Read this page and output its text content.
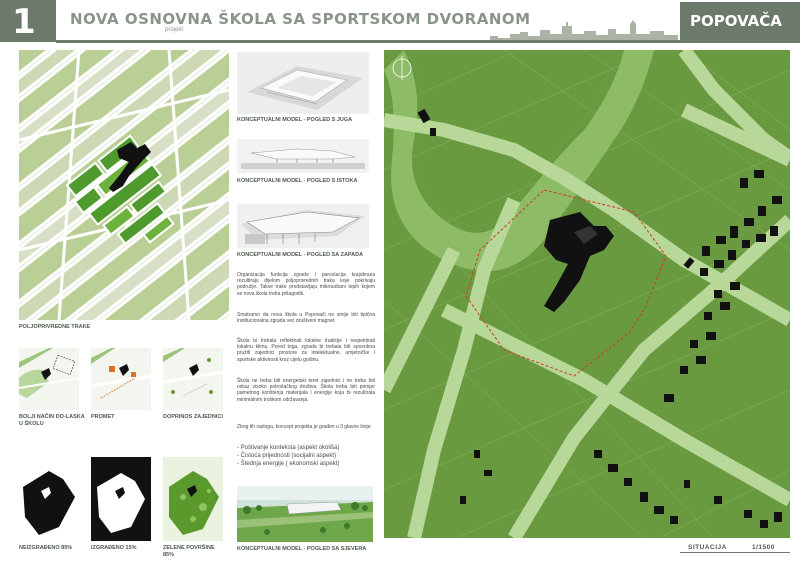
1 NOVA OSNOVNA ŠKOLA SA SPORTSKOM DVORANOM
projekt	POPOVAČA
POLJOPRIVREDNE TRAKE
KONCEPTUALNI MODEL - POGLED S JUGA
KONCEPTUALNI MODEL - POGLED S ISTOKA
KONCEPTUALNI MODEL - POGLED SA ZAPADA
Organizacija funkcija zgrade i parcelacija krajobraza rezultiraju dijelom poljoprivrednih traka koje pokrivaju područje. Takve trake predstavljaju mikrourbani tepih kojem se nova škola treba prilagoditi.
Smatramo da nova škola u Popovači ne smije biti tipična institucionalna zgrada već društveni magnet.
Škola bi trebala reflektirati lokalne tradicije i respektirati lokalnu klimu. Pored toga, zgrada bi trebala biti sposobna pružiti zajednici prostore za intelektualne, umjetničke i sportske aktivnosti kroz cijelu godinu.
Škola ne treba biti energetski teret zajednici i ne treba biti odraz visoko potrošačkog društva. Škola treba biti primjer pametnog korištenja materijala i energije koja bi rezultirala minimalnim troškom održavanja.
Zbog tih razloga, koncept projekta je građen u 3 glavne linije:
- Poštivanje konteksta (aspekt okoliša)
- Čistoća prijednosti (socijalni aspekt)
- Štednja energije ( ekonomski aspekt)
KONCEPTUALNI MODEL - POGLED SA SJEVERA
BOLJI NAČIN DO-LASKA U ŠKOLU
PROMET	DOPRINOS ZAJEDNICI
NEIZGRAĐENO 85%	IZGRAĐENO 15%	ZELENE POVRŠINE 85%
SITUACIJA	1/1500
